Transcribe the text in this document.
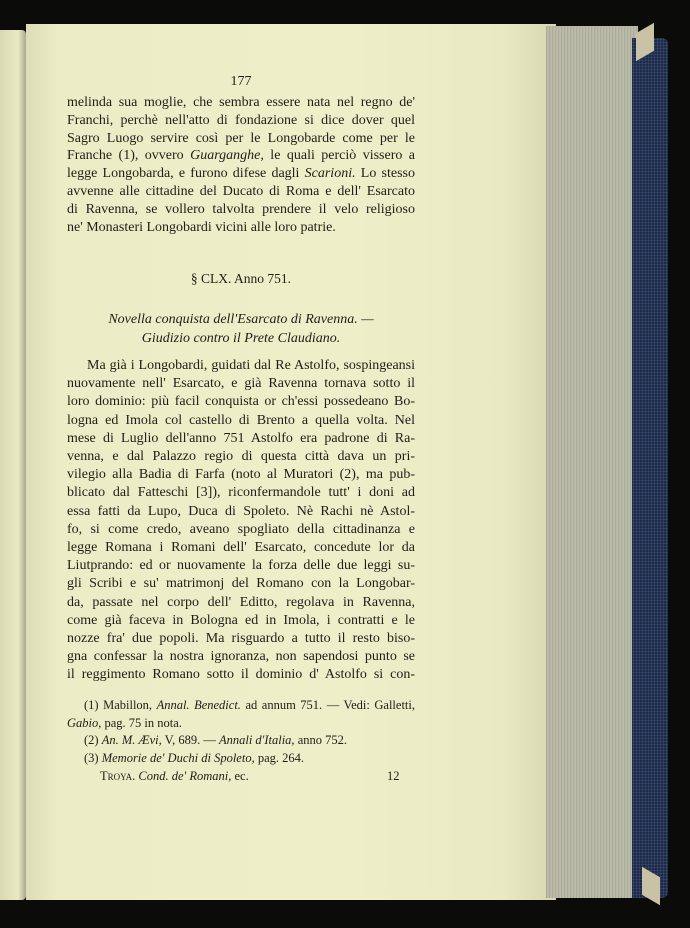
177
melinda sua moglie, che sembra essere nata nel regno de'
Franchi, perchè nell'atto di fondazione si dice dover quel
Sagro Luogo servire così per le Longobarde come per le
Franche (1), ovvero Guarganghe, le quali perciò vissero a
legge Longobarda, e furono difese dagli Scarioni. Lo stesso
avvenne alle cittadine del Ducato di Roma e dell' Esarcato
di Ravenna, se vollero talvolta prendere il velo religioso
ne' Monasteri Longobardi vicini alle loro patrie.
§ CLX. Anno 751.
Novella conquista dell'Esarcato di Ravenna. —
Giudizio contro il Prete Claudiano.
Ma già i Longobardi, guidati dal Re Astolfo, sospingeansi
nuovamente nell' Esarcato, e già Ravenna tornava sotto il
loro dominio: più facil conquista or ch'essi possedeano Bo-
logna ed Imola col castello di Brento a quella volta. Nel
mese di Luglio dell'anno 751 Astolfo era padrone di Ra-
venna, e dal Palazzo regio di questa città dava un pri-
vilegio alla Badia di Farfa (noto al Muratori (2), ma pub-
blicato dal Fatteschi [3]), riconfermandole tutt' i doni ad
essa fatti da Lupo, Duca di Spoleto. Nè Rachi nè Astol-
fo, si come credo, aveano spogliato della cittadinanza e
legge Romana i Romani dell' Esarcato, concedute lor da
Liutprando: ed or nuovamente la forza delle due leggi su-
gli Scribi e su' matrimonj del Romano con la Longobar-
da, passate nel corpo dell' Editto, regolava in Ravenna,
come già faceva in Bologna ed in Imola, i contratti e le
nozze fra' due popoli. Ma risguardo a tutto il resto biso-
gna confessar la nostra ignoranza, non sapendosi punto se
il reggimento Romano sotto il dominio d' Astolfo si con-
(1) Mabillon, Annal. Benedict. ad annum 751. — Vedi: Galletti,
Gabio, pag. 75 in nota.
(2) An. M. Ævi, V, 689. — Annali d'Italia, anno 752.
(3) Memorie de' Duchi di Spoleto, pag. 264.
Troya. Cond. de' Romani, ec.	12
